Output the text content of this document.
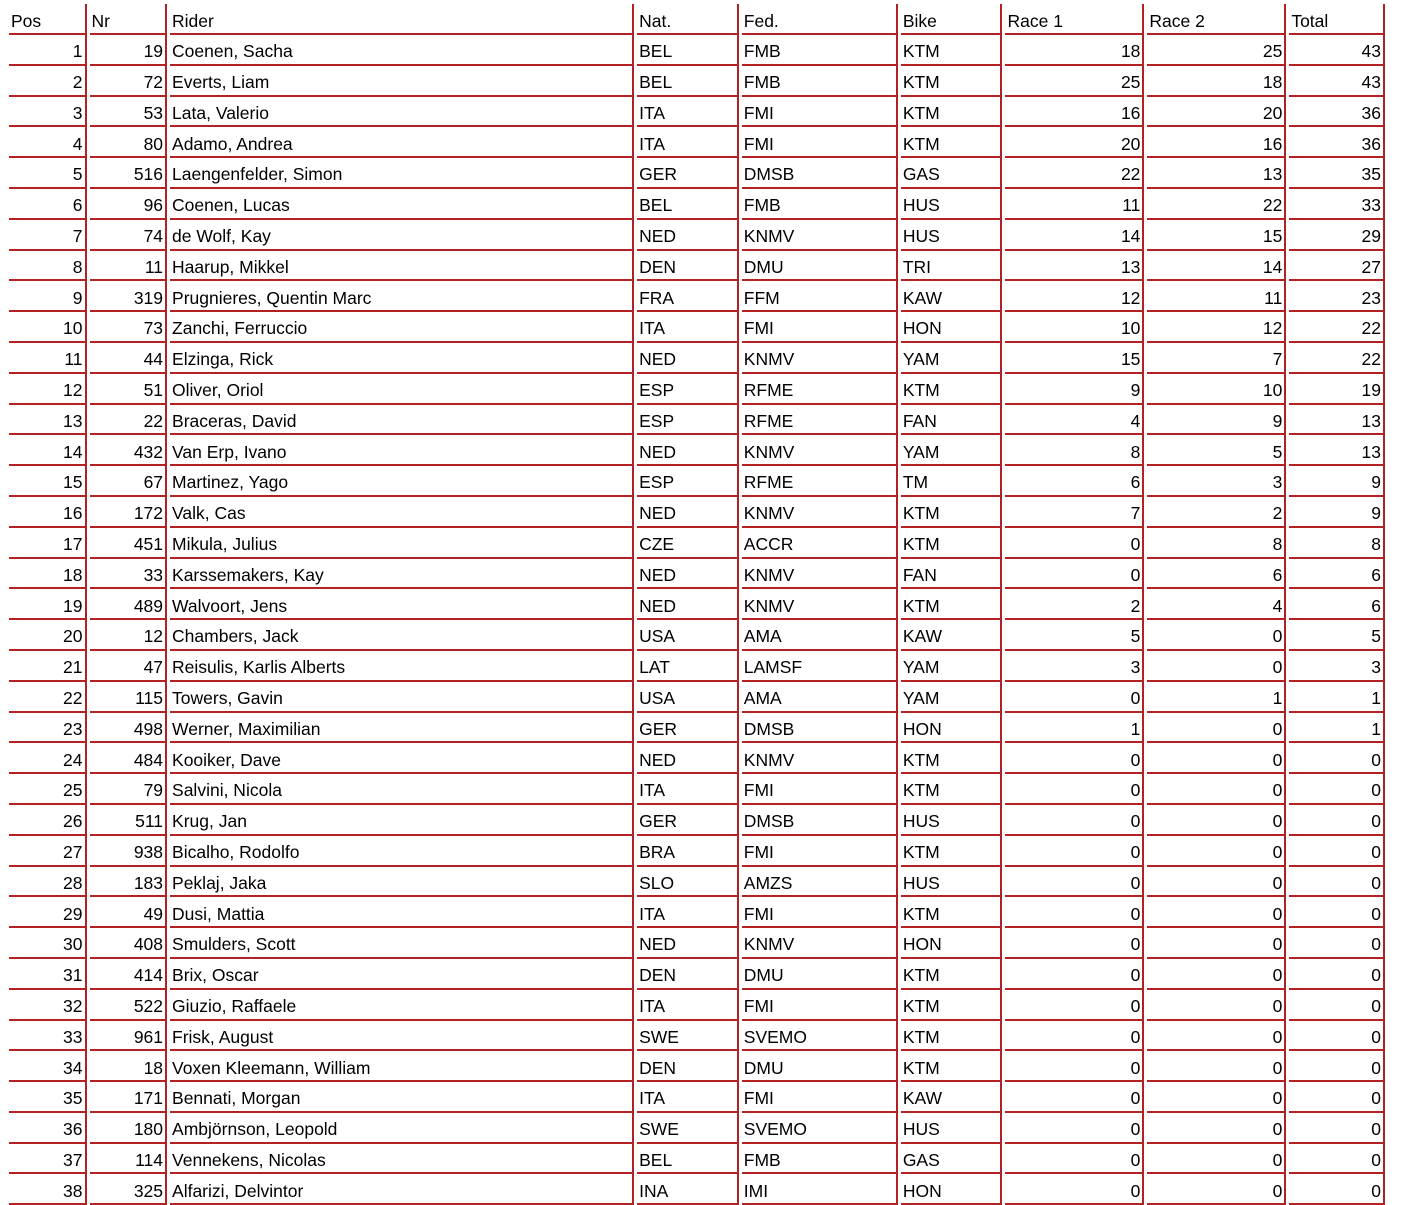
Pos	Nr	Rider	Nat.	Fed.	Bike	Race 1	Race 2	Total
1	19	Coenen, Sacha	BEL	FMB	KTM	18	25	43
2	72	Everts, Liam	BEL	FMB	KTM	25	18	43
3	53	Lata, Valerio	ITA	FMI	KTM	16	20	36
4	80	Adamo, Andrea	ITA	FMI	KTM	20	16	36
5	516	Laengenfelder, Simon	GER	DMSB	GAS	22	13	35
6	96	Coenen, Lucas	BEL	FMB	HUS	11	22	33
7	74	de Wolf, Kay	NED	KNMV	HUS	14	15	29
8	11	Haarup, Mikkel	DEN	DMU	TRI	13	14	27
9	319	Prugnieres, Quentin Marc	FRA	FFM	KAW	12	11	23
10	73	Zanchi, Ferruccio	ITA	FMI	HON	10	12	22
11	44	Elzinga, Rick	NED	KNMV	YAM	15	7	22
12	51	Oliver, Oriol	ESP	RFME	KTM	9	10	19
13	22	Braceras, David	ESP	RFME	FAN	4	9	13
14	432	Van Erp, Ivano	NED	KNMV	YAM	8	5	13
15	67	Martinez, Yago	ESP	RFME	TM	6	3	9
16	172	Valk, Cas	NED	KNMV	KTM	7	2	9
17	451	Mikula, Julius	CZE	ACCR	KTM	0	8	8
18	33	Karssemakers, Kay	NED	KNMV	FAN	0	6	6
19	489	Walvoort, Jens	NED	KNMV	KTM	2	4	6
20	12	Chambers, Jack	USA	AMA	KAW	5	0	5
21	47	Reisulis, Karlis Alberts	LAT	LAMSF	YAM	3	0	3
22	115	Towers, Gavin	USA	AMA	YAM	0	1	1
23	498	Werner, Maximilian	GER	DMSB	HON	1	0	1
24	484	Kooiker, Dave	NED	KNMV	KTM	0	0	0
25	79	Salvini, Nicola	ITA	FMI	KTM	0	0	0
26	511	Krug, Jan	GER	DMSB	HUS	0	0	0
27	938	Bicalho, Rodolfo	BRA	FMI	KTM	0	0	0
28	183	Peklaj, Jaka	SLO	AMZS	HUS	0	0	0
29	49	Dusi, Mattia	ITA	FMI	KTM	0	0	0
30	408	Smulders, Scott	NED	KNMV	HON	0	0	0
31	414	Brix, Oscar	DEN	DMU	KTM	0	0	0
32	522	Giuzio, Raffaele	ITA	FMI	KTM	0	0	0
33	961	Frisk, August	SWE	SVEMO	KTM	0	0	0
34	18	Voxen Kleemann, William	DEN	DMU	KTM	0	0	0
35	171	Bennati, Morgan	ITA	FMI	KAW	0	0	0
36	180	Ambjörnson, Leopold	SWE	SVEMO	HUS	0	0	0
37	114	Vennekens, Nicolas	BEL	FMB	GAS	0	0	0
38	325	Alfarizi, Delvintor	INA	IMI	HON	0	0	0
